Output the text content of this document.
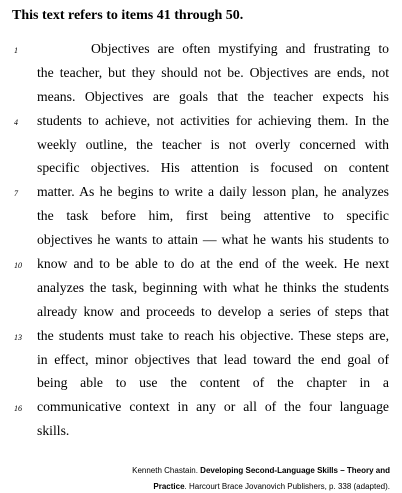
This text refers to items 41 through 50.
1	Objectives are often mystifying and frustrating to
the teacher, but they should not be. Objectives are ends, not
means. Objectives are goals that the teacher expects his
4 students to achieve, not activities for achieving them. In the
weekly outline, the teacher is not overly concerned with
specific objectives. His attention is focused on content
7 matter. As he begins to write a daily lesson plan, he analyzes
the task before him, first being attentive to specific
objectives he wants to attain — what he wants his students to
10 know and to be able to do at the end of the week. He next
analyzes the task, beginning with what he thinks the students
already know and proceeds to develop a series of steps that
13 the students must take to reach his objective. These steps are,
in effect, minor objectives that lead toward the end goal of
being able to use the content of the chapter in a
16 communicative context in any or all of the four language
skills.
Kenneth Chastain. Developing Second-Language Skills – Theory and
Practice. Harcourt Brace Jovanovich Publishers, p. 338 (adapted).
